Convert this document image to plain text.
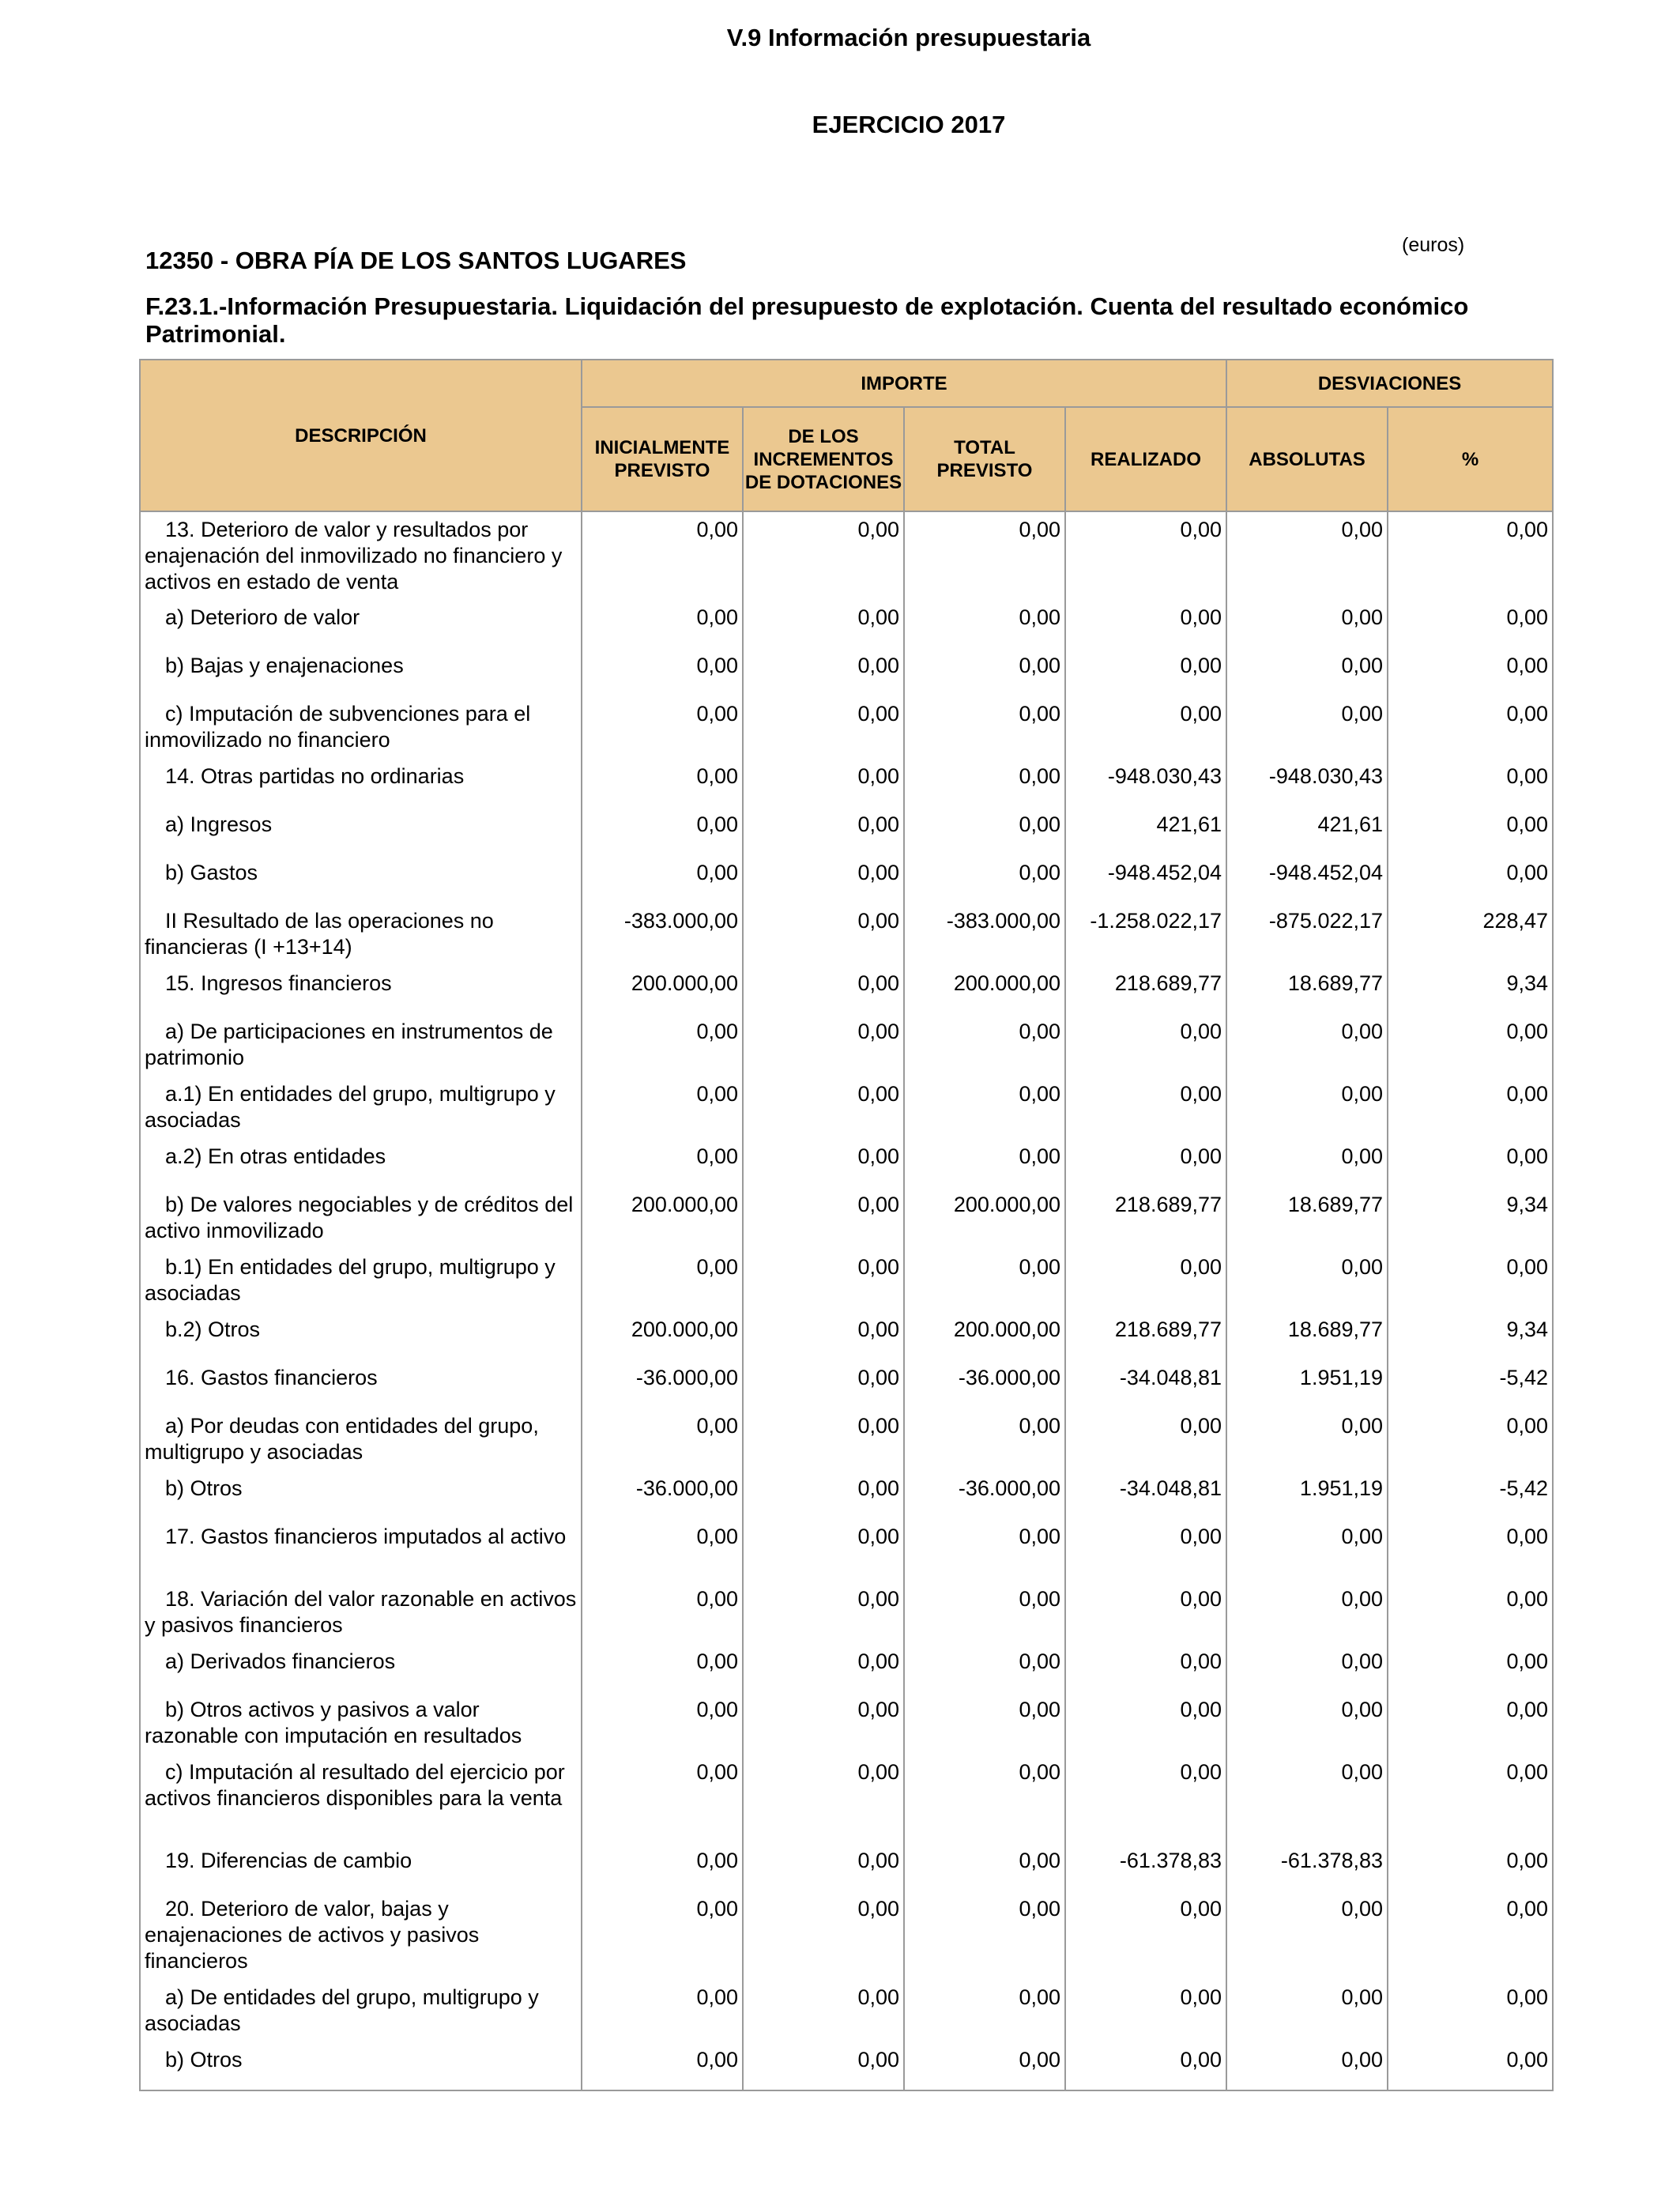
V.9 Información presupuestaria
EJERCICIO 2017
12350 - OBRA PÍA DE LOS SANTOS LUGARES
(euros)
F.23.1.-Información Presupuestaria. Liquidación del presupuesto de explotación. Cuenta del resultado económico Patrimonial.
DESCRIPCIÓN	IMPORTE				DESVIACIONES	
	INICIALMENTE PREVISTO	DE LOS INCREMENTOS DE DOTACIONES	TOTAL PREVISTO	REALIZADO	ABSOLUTAS	%
13. Deterioro de valor y resultados por enajenación del inmovilizado no financiero y activos en estado de venta	0,00	0,00	0,00	0,00	0,00	0,00
a) Deterioro de valor	0,00	0,00	0,00	0,00	0,00	0,00
b) Bajas y enajenaciones	0,00	0,00	0,00	0,00	0,00	0,00
c) Imputación de subvenciones para el inmovilizado no financiero	0,00	0,00	0,00	0,00	0,00	0,00
14. Otras partidas no ordinarias	0,00	0,00	0,00	-948.030,43	-948.030,43	0,00
a) Ingresos	0,00	0,00	0,00	421,61	421,61	0,00
b) Gastos	0,00	0,00	0,00	-948.452,04	-948.452,04	0,00
II Resultado de las operaciones no financieras (I +13+14)	-383.000,00	0,00	-383.000,00	-1.258.022,17	-875.022,17	228,47
15. Ingresos financieros	200.000,00	0,00	200.000,00	218.689,77	18.689,77	9,34
a) De participaciones en instrumentos de patrimonio	0,00	0,00	0,00	0,00	0,00	0,00
a.1) En entidades del grupo, multigrupo y asociadas	0,00	0,00	0,00	0,00	0,00	0,00
a.2) En otras entidades	0,00	0,00	0,00	0,00	0,00	0,00
b) De valores negociables y de créditos del activo inmovilizado	200.000,00	0,00	200.000,00	218.689,77	18.689,77	9,34
b.1) En entidades del grupo, multigrupo y asociadas	0,00	0,00	0,00	0,00	0,00	0,00
b.2) Otros	200.000,00	0,00	200.000,00	218.689,77	18.689,77	9,34
16. Gastos financieros	-36.000,00	0,00	-36.000,00	-34.048,81	1.951,19	-5,42
a) Por deudas con entidades del grupo, multigrupo y asociadas	0,00	0,00	0,00	0,00	0,00	0,00
b) Otros	-36.000,00	0,00	-36.000,00	-34.048,81	1.951,19	-5,42
17. Gastos financieros imputados al activo	0,00	0,00	0,00	0,00	0,00	0,00
18. Variación del valor razonable en activos y pasivos financieros	0,00	0,00	0,00	0,00	0,00	0,00
a) Derivados financieros	0,00	0,00	0,00	0,00	0,00	0,00
b) Otros activos y pasivos a valor razonable con imputación en resultados	0,00	0,00	0,00	0,00	0,00	0,00
c) Imputación al resultado del ejercicio por activos financieros disponibles para la venta	0,00	0,00	0,00	0,00	0,00	0,00
19. Diferencias de cambio	0,00	0,00	0,00	-61.378,83	-61.378,83	0,00
20. Deterioro de valor, bajas y enajenaciones de activos y pasivos financieros	0,00	0,00	0,00	0,00	0,00	0,00
a) De entidades del grupo, multigrupo y asociadas	0,00	0,00	0,00	0,00	0,00	0,00
b) Otros	0,00	0,00	0,00	0,00	0,00	0,00
